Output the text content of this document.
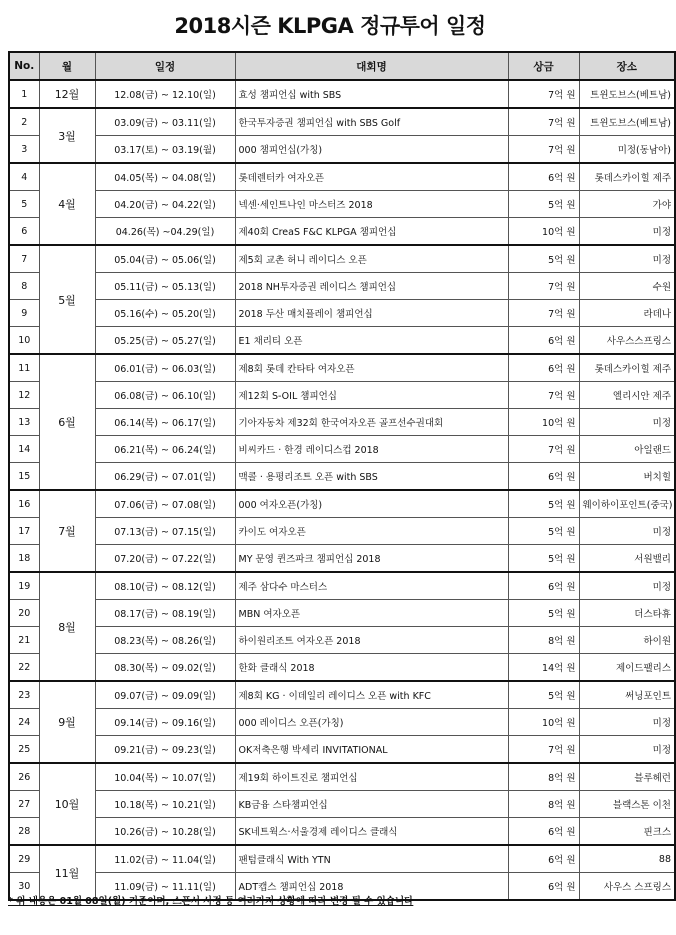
2018시즌 KLPGA 정규투어 일정
No.	월	일정	대회명	상금	장소
1	12월	12.08(금) ~ 12.10(일)	효성 챔피언십 with SBS	7억 원	트윈도브스(베트남)
2	3월	03.09(금) ~ 03.11(일)	한국투자증권 챔피언십 with SBS Golf	7억 원	트윈도브스(베트남)
3		03.17(토) ~ 03.19(월)	000 챔피언십(가칭)	7억 원	미정(동남아)
4	4월	04.05(목) ~ 04.08(일)	롯데렌터카 여자오픈	6억 원	롯데스카이힐 제주
5		04.20(금) ~ 04.22(일)	넥센·세인트나인 마스터즈 2018	5억 원	가야
6		04.26(목) ~04.29(일)	제40회 CreaS F&C KLPGA 챔피언십	10억 원	미정
7	5월	05.04(금) ~ 05.06(일)	제5회 교촌 허니 레이디스 오픈	5억 원	미정
8		05.11(금) ~ 05.13(일)	2018 NH투자증권 레이디스 챔피언십	7억 원	수원
9		05.16(수) ~ 05.20(일)	2018 두산 매치플레이 챔피언십	7억 원	라데나
10		05.25(금) ~ 05.27(일)	E1 채리티 오픈	6억 원	사우스스프링스
11	6월	06.01(금) ~ 06.03(일)	제8회 롯데 칸타타 여자오픈	6억 원	롯데스카이힐 제주
12		06.08(금) ~ 06.10(일)	제12회 S-OIL 챔피언십	7억 원	엘리시안 제주
13		06.14(목) ~ 06.17(일)	기아자동차 제32회 한국여자오픈 골프선수권대회	10억 원	미정
14		06.21(목) ~ 06.24(일)	비씨카드 · 한경 레이디스컵 2018	7억 원	아일랜드
15		06.29(금) ~ 07.01(일)	맥콜 · 용평리조트 오픈 with SBS	6억 원	버치힐
16	7월	07.06(금) ~ 07.08(일)	000 여자오픈(가칭)	5억 원	웨이하이포인트(중국)
17		07.13(금) ~ 07.15(일)	카이도 여자오픈	5억 원	미정
18		07.20(금) ~ 07.22(일)	MY 문영 퀸즈파크 챔피언십 2018	5억 원	서원밸리
19	8월	08.10(금) ~ 08.12(일)	제주 삼다수 마스터스	6억 원	미정
20		08.17(금) ~ 08.19(일)	MBN 여자오픈	5억 원	더스타휴
21		08.23(목) ~ 08.26(일)	하이원리조트 여자오픈 2018	8억 원	하이원
22		08.30(목) ~ 09.02(일)	한화 클래식 2018	14억 원	제이드팰리스
23	9월	09.07(금) ~ 09.09(일)	제8회 KG · 이데일리 레이디스 오픈 with KFC	5억 원	써닝포인트
24		09.14(금) ~ 09.16(일)	000 레이디스 오픈(가칭)	10억 원	미정
25		09.21(금) ~ 09.23(일)	OK저축은행 박세리 INVITATIONAL	7억 원	미정
26	10월	10.04(목) ~ 10.07(일)	제19회 하이트진로 챔피언십	8억 원	블루헤런
27		10.18(목) ~ 10.21(일)	KB금융 스타챔피언십	8억 원	블랙스톤 이천
28		10.26(금) ~ 10.28(일)	SK네트웍스·서울경제 레이디스 클래식	6억 원	핀크스
29	11월	11.02(금) ~ 11.04(일)	팬텀클래식 With YTN	6억 원	88
30		11.09(금) ~ 11.11(일)	ADT캡스 챔피언십 2018	6억 원	사우스 스프링스
* 위 내용은 01월 08일(월) 기준이며, 스폰서 사정 등 여러가지 상황에 따라 변경 될 수 있습니다
